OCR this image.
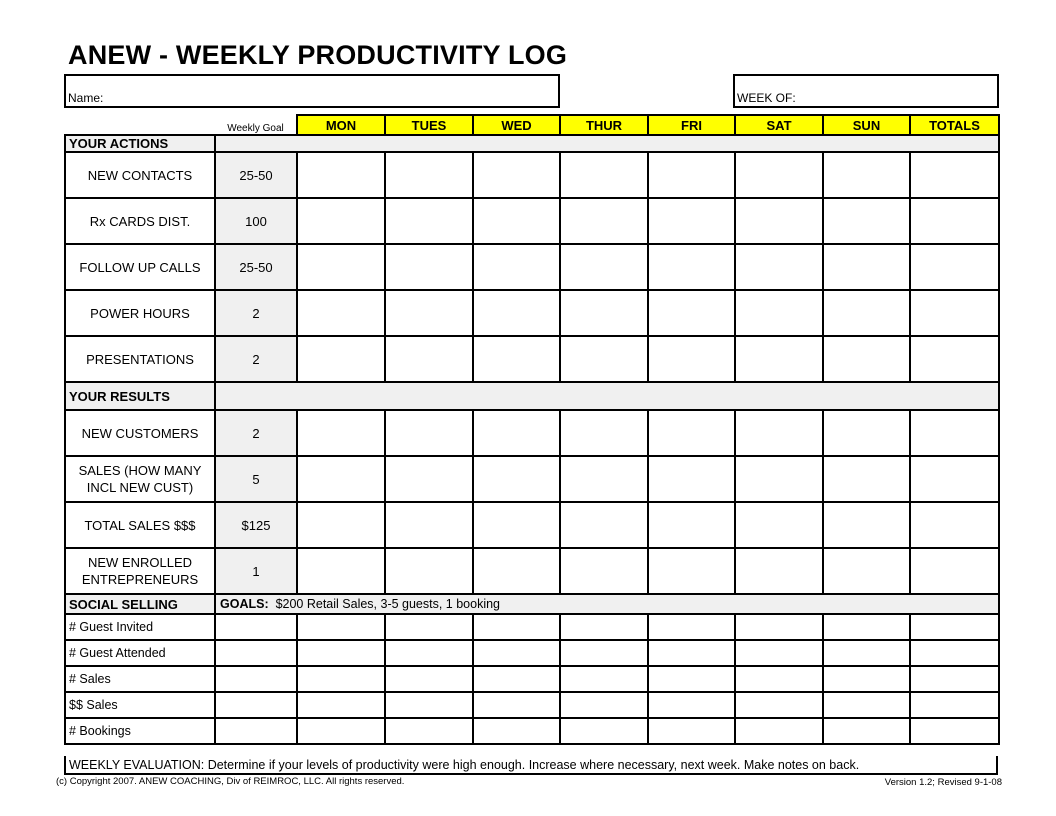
ANEW - WEEKLY PRODUCTIVITY LOG
Name:	WEEK OF:
	Weekly Goal	MON	TUES	WED	THUR	FRI	SAT	SUN	TOTALS
YOUR ACTIONS									
NEW CONTACTS	25-50								
Rx CARDS DIST.	100								
FOLLOW UP CALLS	25-50								
POWER HOURS	2								
PRESENTATIONS	2								
YOUR RESULTS									
NEW CUSTOMERS	2								

SALES (HOW MANY
INCL NEW CUST)	5								
TOTAL SALES $$$	$125								

NEW ENROLLED
ENTREPRENEURS	1								
SOCIAL SELLING	GOALS: $200 Retail Sales, 3-5 guests, 1 booking								
# Guest Invited									
# Guest Attended									
# Sales									
$$ Sales									
# Bookings									
WEEKLY EVALUATION: Determine if your levels of productivity were high enough. Increase where necessary, next week. Make notes on back.
(c) Copyright 2007. ANEW COACHING, Div of REIMROC, LLC. All rights reserved.	Version 1.2; Revised 9-1-08
